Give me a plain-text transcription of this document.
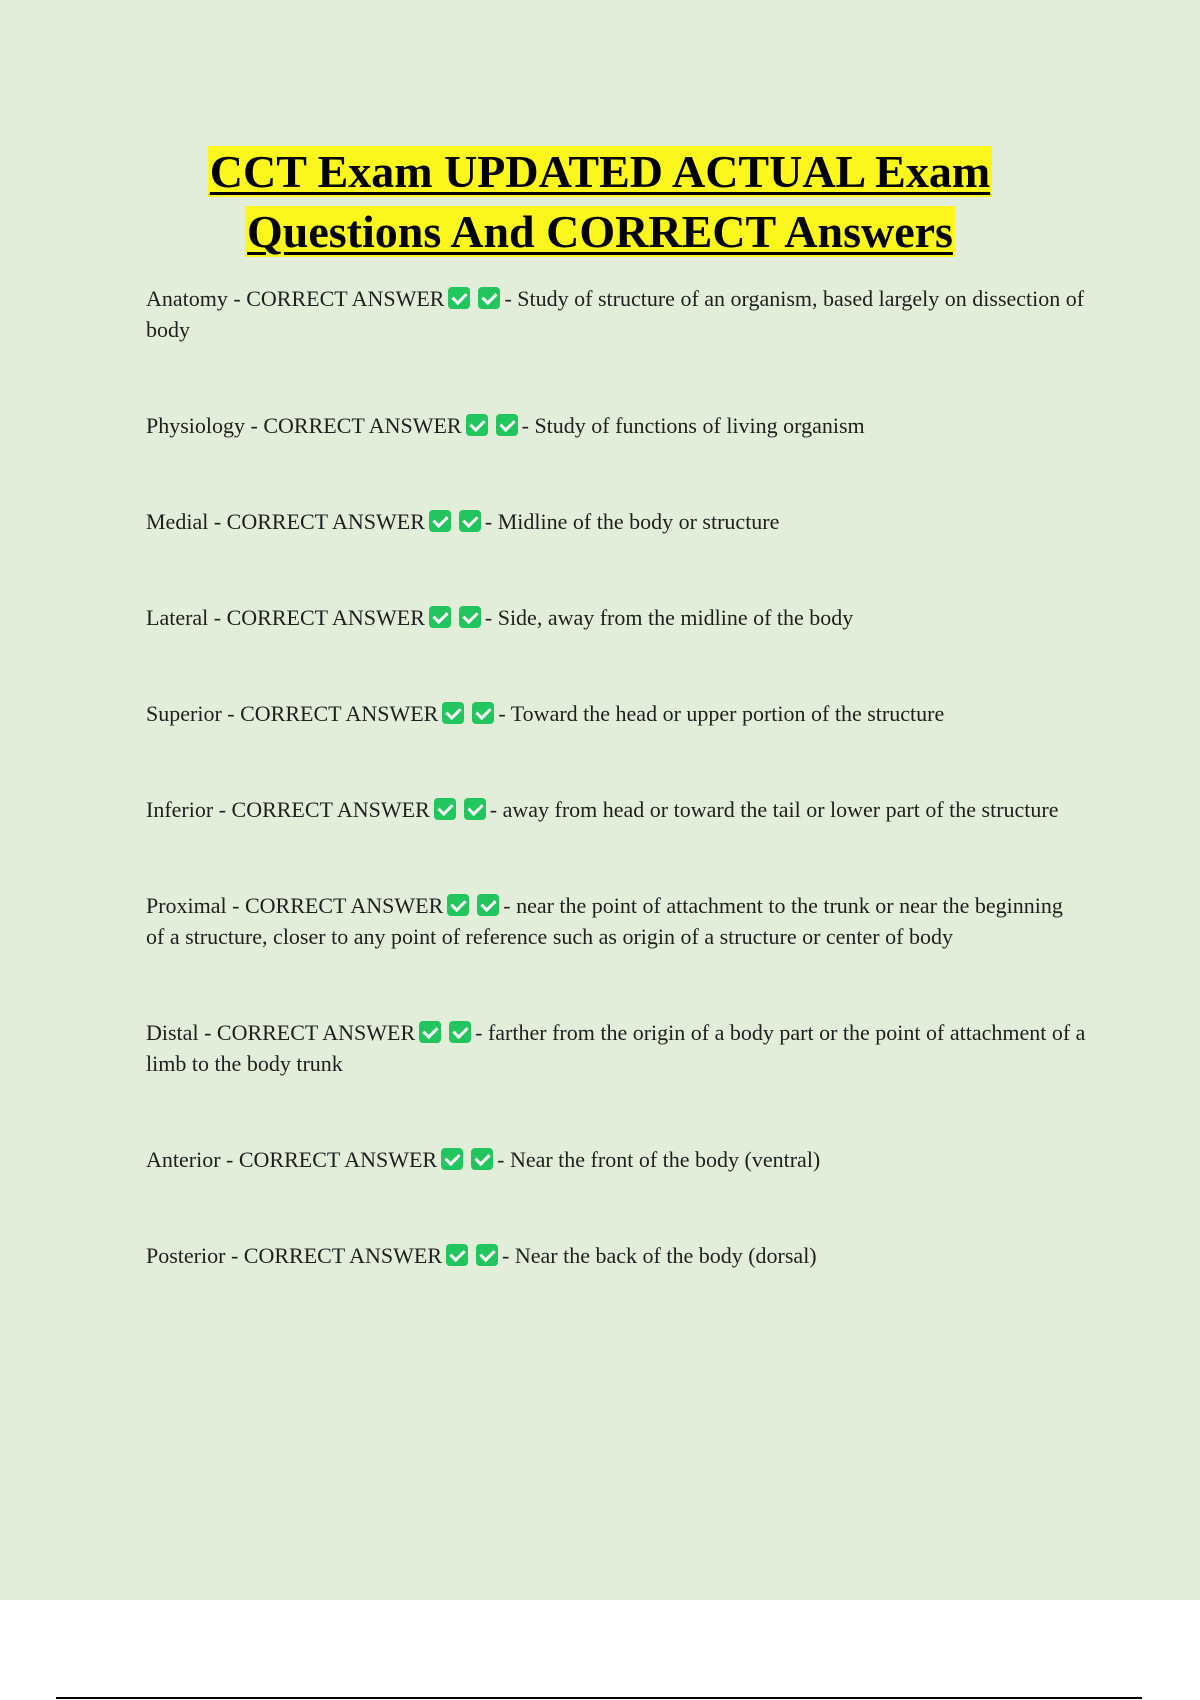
CCT Exam UPDATED ACTUAL Exam
Questions And CORRECT Answers
Anatomy - CORRECT ANSWER	- Study of structure of an organism, based largely on dissection of body
Physiology - CORRECT ANSWER	- Study of functions of living organism
Medial - CORRECT ANSWER	- Midline of the body or structure
Lateral - CORRECT ANSWER	- Side, away from the midline of the body
Superior - CORRECT ANSWER	- Toward the head or upper portion of the structure
Inferior - CORRECT ANSWER	- away from head or toward the tail or lower part of the structure
Proximal - CORRECT ANSWER	- near the point of attachment to the trunk or near the beginning of a structure, closer to any point of reference such as origin of a structure or center of body
Distal - CORRECT ANSWER	- farther from the origin of a body part or the point of attachment of a limb to the body trunk
Anterior - CORRECT ANSWER	- Near the front of the body (ventral)
Posterior - CORRECT ANSWER	- Near the back of the body (dorsal)
